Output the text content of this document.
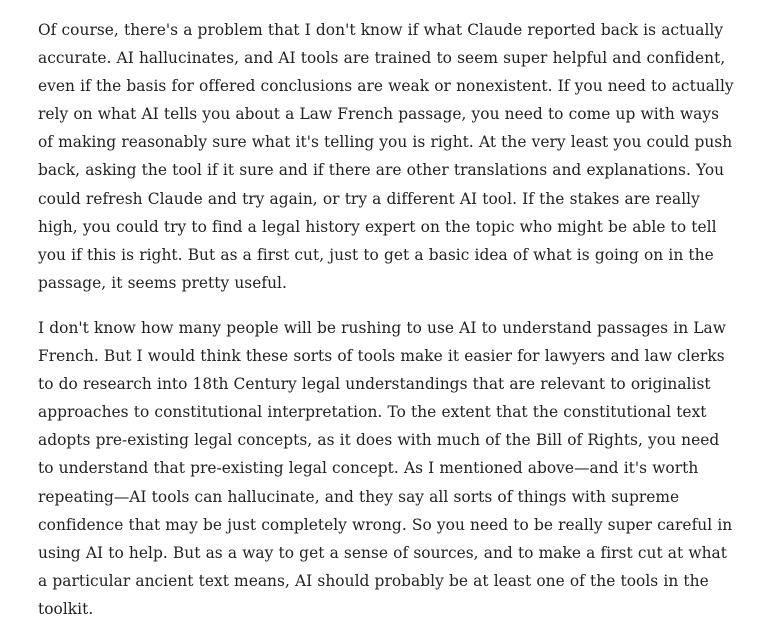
Of course, there's a problem that I don't know if what Claude reported back is actually accurate. AI hallucinates, and AI tools are trained to seem super helpful and confident, even if the basis for offered conclusions are weak or nonexistent. If you need to actually rely on what AI tells you about a Law French passage, you need to come up with ways of making reasonably sure what it's telling you is right. At the very least you could push back, asking the tool if it sure and if there are other translations and explanations. You could refresh Claude and try again, or try a different AI tool. If the stakes are really high, you could try to find a legal history expert on the topic who might be able to tell you if this is right. But as a first cut, just to get a basic idea of what is going on in the passage, it seems pretty useful.

I don't know how many people will be rushing to use AI to understand passages in Law French. But I would think these sorts of tools make it easier for lawyers and law clerks to do research into 18th Century legal understandings that are relevant to originalist approaches to constitutional interpretation. To the extent that the constitutional text adopts pre-existing legal concepts, as it does with much of the Bill of Rights, you need to understand that pre-existing legal concept. As I mentioned above—and it's worth repeating—AI tools can hallucinate, and they say all sorts of things with supreme confidence that may be just completely wrong. So you need to be really super careful in using AI to help. But as a way to get a sense of sources, and to make a first cut at what a particular ancient text means, AI should probably be at least one of the tools in the toolkit.
